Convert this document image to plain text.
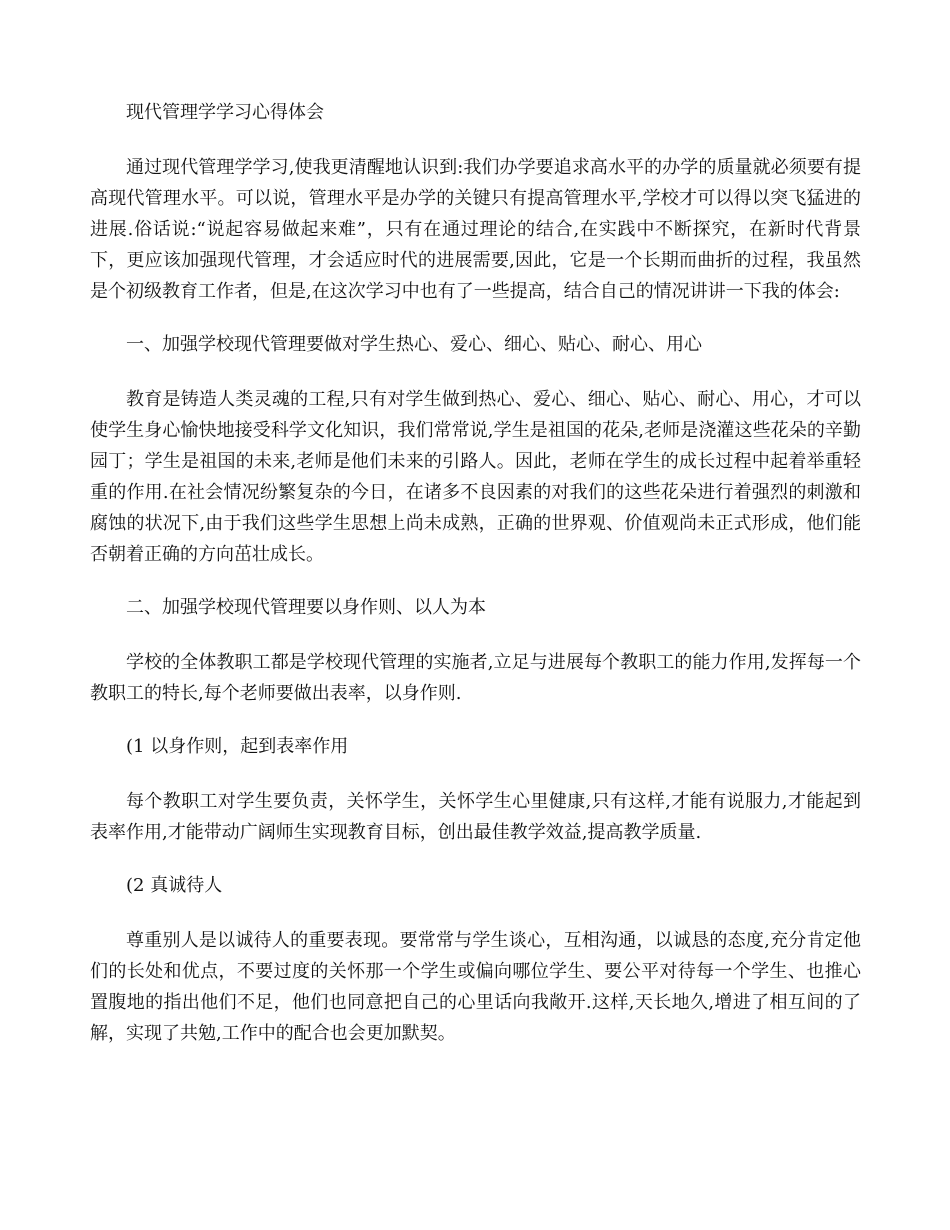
现代管理学学习心得体会

通过现代管理学学习,使我更清醒地认识到:我们办学要追求高水平的办学的质量就必须要有提高现代管理水平。可以说，管理水平是办学的关键只有提高管理水平,学校才可以得以突飞猛进的进展.俗话说:“说起容易做起来难”，只有在通过理论的结合,在实践中不断探究，在新时代背景下，更应该加强现代管理，才会适应时代的进展需要,因此，它是一个长期而曲折的过程，我虽然是个初级教育工作者，但是,在这次学习中也有了一些提高，结合自己的情况讲讲一下我的体会:

一、加强学校现代管理要做对学生热心、爱心、细心、贴心、耐心、用心

教育是铸造人类灵魂的工程,只有对学生做到热心、爱心、细心、贴心、耐心、用心，才可以使学生身心愉快地接受科学文化知识，我们常常说,学生是祖国的花朵,老师是浇灌这些花朵的辛勤园丁；学生是祖国的未来,老师是他们未来的引路人。因此，老师在学生的成长过程中起着举重轻重的作用.在社会情况纷繁复杂的今日，在诸多不良因素的对我们的这些花朵进行着强烈的刺激和腐蚀的状况下,由于我们这些学生思想上尚未成熟，正确的世界观、价值观尚未正式形成，他们能否朝着正确的方向茁壮成长。

二、加强学校现代管理要以身作则、以人为本

学校的全体教职工都是学校现代管理的实施者,立足与进展每个教职工的能力作用,发挥每一个教职工的特长,每个老师要做出表率，以身作则.

(1 以身作则，起到表率作用

每个教职工对学生要负责，关怀学生，关怀学生心里健康,只有这样,才能有说服力,才能起到表率作用,才能带动广阔师生实现教育目标，创出最佳教学效益,提高教学质量.

(2 真诚待人

尊重别人是以诚待人的重要表现。要常常与学生谈心，互相沟通，以诚恳的态度,充分肯定他们的长处和优点，不要过度的关怀那一个学生或偏向哪位学生、要公平对待每一个学生、也推心置腹地的指出他们不足，他们也同意把自己的心里话向我敞开.这样,天长地久,增进了相互间的了解，实现了共勉,工作中的配合也会更加默契。
